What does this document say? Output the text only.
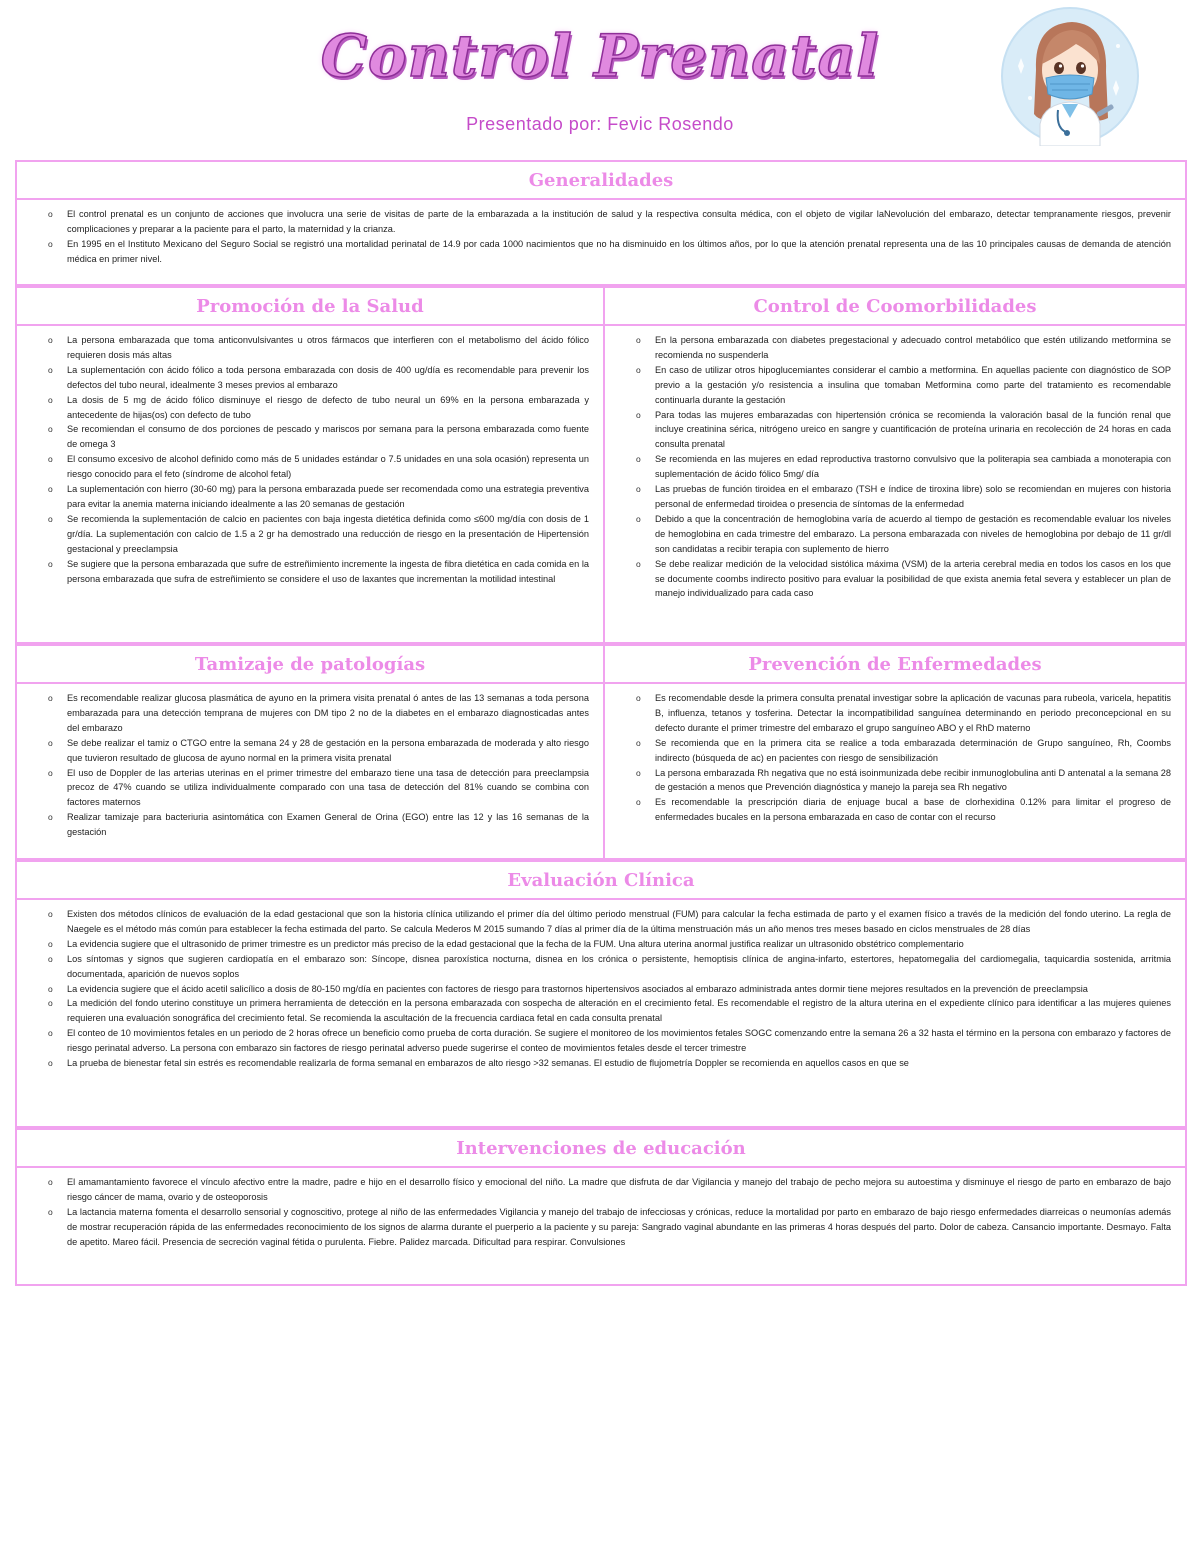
Control Prenatal
Presentado por: Fevic Rosendo
Generalidades
o El control prenatal es un conjunto de acciones que involucra una serie de visitas de parte de la embarazada a la institución de salud y la respectiva consulta médica, con el objeto de vigilar laNevolución del embarazo, detectar tempranamente riesgos, prevenir complicaciones y preparar a la paciente para el parto, la maternidad y la crianza.
o En 1995 en el Instituto Mexicano del Seguro Social se registró una mortalidad perinatal de 14.9 por cada 1000 nacimientos que no ha disminuido en los últimos años, por lo que la atención prenatal representa una de las 10 principales causas de demanda de atención médica en primer nivel.
Promoción de la Salud
o La persona embarazada que toma anticonvulsivantes u otros fármacos que interfieren con el metabolismo del ácido fólico requieren dosis más altas
o La suplementación con ácido fólico a toda persona embarazada con dosis de 400 ug/día es recomendable para prevenir los defectos del tubo neural, idealmente 3 meses previos al embarazo
o La dosis de 5 mg de ácido fólico disminuye el riesgo de defecto de tubo neural un 69% en la persona embarazada y antecedente de hijas(os) con defecto de tubo
o Se recomiendan el consumo de dos porciones de pescado y mariscos por semana para la persona embarazada como fuente de omega 3
o El consumo excesivo de alcohol definido como más de 5 unidades estándar o 7.5 unidades en una sola ocasión) representa un riesgo conocido para el feto (síndrome de alcohol fetal)
o La suplementación con hierro (30-60 mg) para la persona embarazada puede ser recomendada como una estrategia preventiva para evitar la anemia materna iniciando idealmente a las 20 semanas de gestación
o Se recomienda la suplementación de calcio en pacientes con baja ingesta dietética definida como ≤600 mg/día con dosis de 1 gr/día. La suplementación con calcio de 1.5 a 2 gr ha demostrado una reducción de riesgo en la presentación de Hipertensión gestacional y preeclampsia
o Se sugiere que la persona embarazada que sufre de estreñimiento incremente la ingesta de fibra dietética en cada comida en la persona embarazada que sufra de estreñimiento se considere el uso de laxantes que incrementan la motilidad intestinal
Control de Coomorbilidades
o En la persona embarazada con diabetes pregestacional y adecuado control metabólico que estén utilizando metformina se recomienda no suspenderla
o En caso de utilizar otros hipoglucemiantes considerar el cambio a metformina. En aquellas paciente con diagnóstico de SOP previo a la gestación y/o resistencia a insulina que tomaban Metformina como parte del tratamiento es recomendable continuarla durante la gestación
o Para todas las mujeres embarazadas con hipertensión crónica se recomienda la valoración basal de la función renal que incluye creatinina sérica, nitrógeno ureico en sangre y cuantificación de proteína urinaria en recolección de 24 horas en cada consulta prenatal
o Se recomienda en las mujeres en edad reproductiva trastorno convulsivo que la politerapia sea cambiada a monoterapia con suplementación de ácido fólico 5mg/ día
o Las pruebas de función tiroidea en el embarazo (TSH e índice de tiroxina libre) solo se recomiendan en mujeres con historia personal de enfermedad tiroidea o presencia de síntomas de la enfermedad
o Debido a que la concentración de hemoglobina varía de acuerdo al tiempo de gestación es recomendable evaluar los niveles de hemoglobina en cada trimestre del embarazo. La persona embarazada con niveles de hemoglobina por debajo de 11 gr/dl son candidatas a recibir terapia con suplemento de hierro
o Se debe realizar medición de la velocidad sistólica máxima (VSM) de la arteria cerebral media en todos los casos en los que se documente coombs indirecto positivo para evaluar la posibilidad de que exista anemia fetal severa y establecer un plan de manejo individualizado para cada caso
Tamizaje de patologías
o Es recomendable realizar glucosa plasmática de ayuno en la primera visita prenatal ó antes de las 13 semanas a toda persona embarazada para una detección temprana de mujeres con DM tipo 2 no de la diabetes en el embarazo diagnosticadas antes del embarazo
o Se debe realizar el tamiz o CTGO entre la semana 24 y 28 de gestación en la persona embarazada de moderada y alto riesgo que tuvieron resultado de glucosa de ayuno normal en la primera visita prenatal
o El uso de Doppler de las arterias uterinas en el primer trimestre del embarazo tiene una tasa de detección para preeclampsia precoz de 47% cuando se utiliza individualmente comparado con una tasa de detección del 81% cuando se combina con factores maternos
o Realizar tamizaje para bacteriuria asintomática con Examen General de Orina (EGO) entre las 12 y las 16 semanas de la gestación
Prevención de Enfermedades
o Es recomendable desde la primera consulta prenatal investigar sobre la aplicación de vacunas para rubeola, varicela, hepatitis B, influenza, tetanos y tosferina. Detectar la incompatibilidad sanguínea determinando en periodo preconcepcional en su defecto durante el primer trimestre del embarazo el grupo sanguíneo ABO y el RhD materno
o Se recomienda que en la primera cita se realice a toda embarazada determinación de Grupo sanguíneo, Rh, Coombs indirecto (búsqueda de ac) en pacientes con riesgo de sensibilización
o La persona embarazada Rh negativa que no está isoinmunizada debe recibir inmunoglobulina anti D antenatal a la semana 28 de gestación a menos que Prevención diagnóstica y manejo la pareja sea Rh negativo
o Es recomendable la prescripción diaria de enjuage bucal a base de clorhexidina 0.12% para limitar el progreso de enfermedades bucales en la persona embarazada en caso de contar con el recurso
Evaluación Clínica
o Existen dos métodos clínicos de evaluación de la edad gestacional que son la historia clínica utilizando el primer día del último periodo menstrual (FUM) para calcular la fecha estimada de parto y el examen físico a través de la medición del fondo uterino. La regla de Naegele es el método más común para establecer la fecha estimada del parto. Se calcula Mederos M 2015 sumando 7 días al primer día de la última menstruación más un año menos tres meses basado en ciclos menstruales de 28 días
o La evidencia sugiere que el ultrasonido de primer trimestre es un predictor más preciso de la edad gestacional que la fecha de la FUM. Una altura uterina anormal justifica realizar un ultrasonido obstétrico complementario
o Los síntomas y signos que sugieren cardiopatía en el embarazo son: Síncope, disnea paroxística nocturna, disnea en los crónica o persistente, hemoptisis clínica de angina-infarto, estertores, hepatomegalia del cardiomegalia, taquicardia sostenida, arritmia documentada, aparición de nuevos soplos
o La evidencia sugiere que el ácido acetil salicílico a dosis de 80-150 mg/día en pacientes con factores de riesgo para trastornos hipertensivos asociados al embarazo administrada antes dormir tiene mejores resultados en la prevención de preeclampsia
o La medición del fondo uterino constituye un primera herramienta de detección en la persona embarazada con sospecha de alteración en el crecimiento fetal. Es recomendable el registro de la altura uterina en el expediente clínico para identificar a las mujeres quienes requieren una evaluación sonográfica del crecimiento fetal. Se recomienda la ascultación de la frecuencia cardiaca fetal en cada consulta prenatal
o El conteo de 10 movimientos fetales en un periodo de 2 horas ofrece un beneficio como prueba de corta duración. Se sugiere el monitoreo de los movimientos fetales SOGC comenzando entre la semana 26 a 32 hasta el término en la persona con embarazo y factores de riesgo perinatal adverso. La persona con embarazo sin factores de riesgo perinatal adverso puede sugerirse el conteo de movimientos fetales desde el tercer trimestre
o La prueba de bienestar fetal sin estrés es recomendable realizarla de forma semanal en embarazos de alto riesgo >32 semanas. El estudio de flujometría Doppler se recomienda en aquellos casos en que se
Intervenciones de educación
o El amamantamiento favorece el vínculo afectivo entre la madre, padre e hijo en el desarrollo físico y emocional del niño. La madre que disfruta de dar Vigilancia y manejo del trabajo de pecho mejora su autoestima y disminuye el riesgo de parto en embarazo de bajo riesgo cáncer de mama, ovario y de osteoporosis
o La lactancia materna fomenta el desarrollo sensorial y cognoscitivo, protege al niño de las enfermedades Vigilancia y manejo del trabajo de infecciosas y crónicas, reduce la mortalidad por parto en embarazo de bajo riesgo enfermedades diarreicas o neumonías además de mostrar recuperación rápida de las enfermedades reconocimiento de los signos de alarma durante el puerperio a la paciente y su pareja: Sangrado vaginal abundante en las primeras 4 horas después del parto. Dolor de cabeza. Cansancio importante. Desmayo. Falta de apetito. Mareo fácil. Presencia de secreción vaginal fétida o purulenta. Fiebre. Palidez marcada. Dificultad para respirar. Convulsiones
